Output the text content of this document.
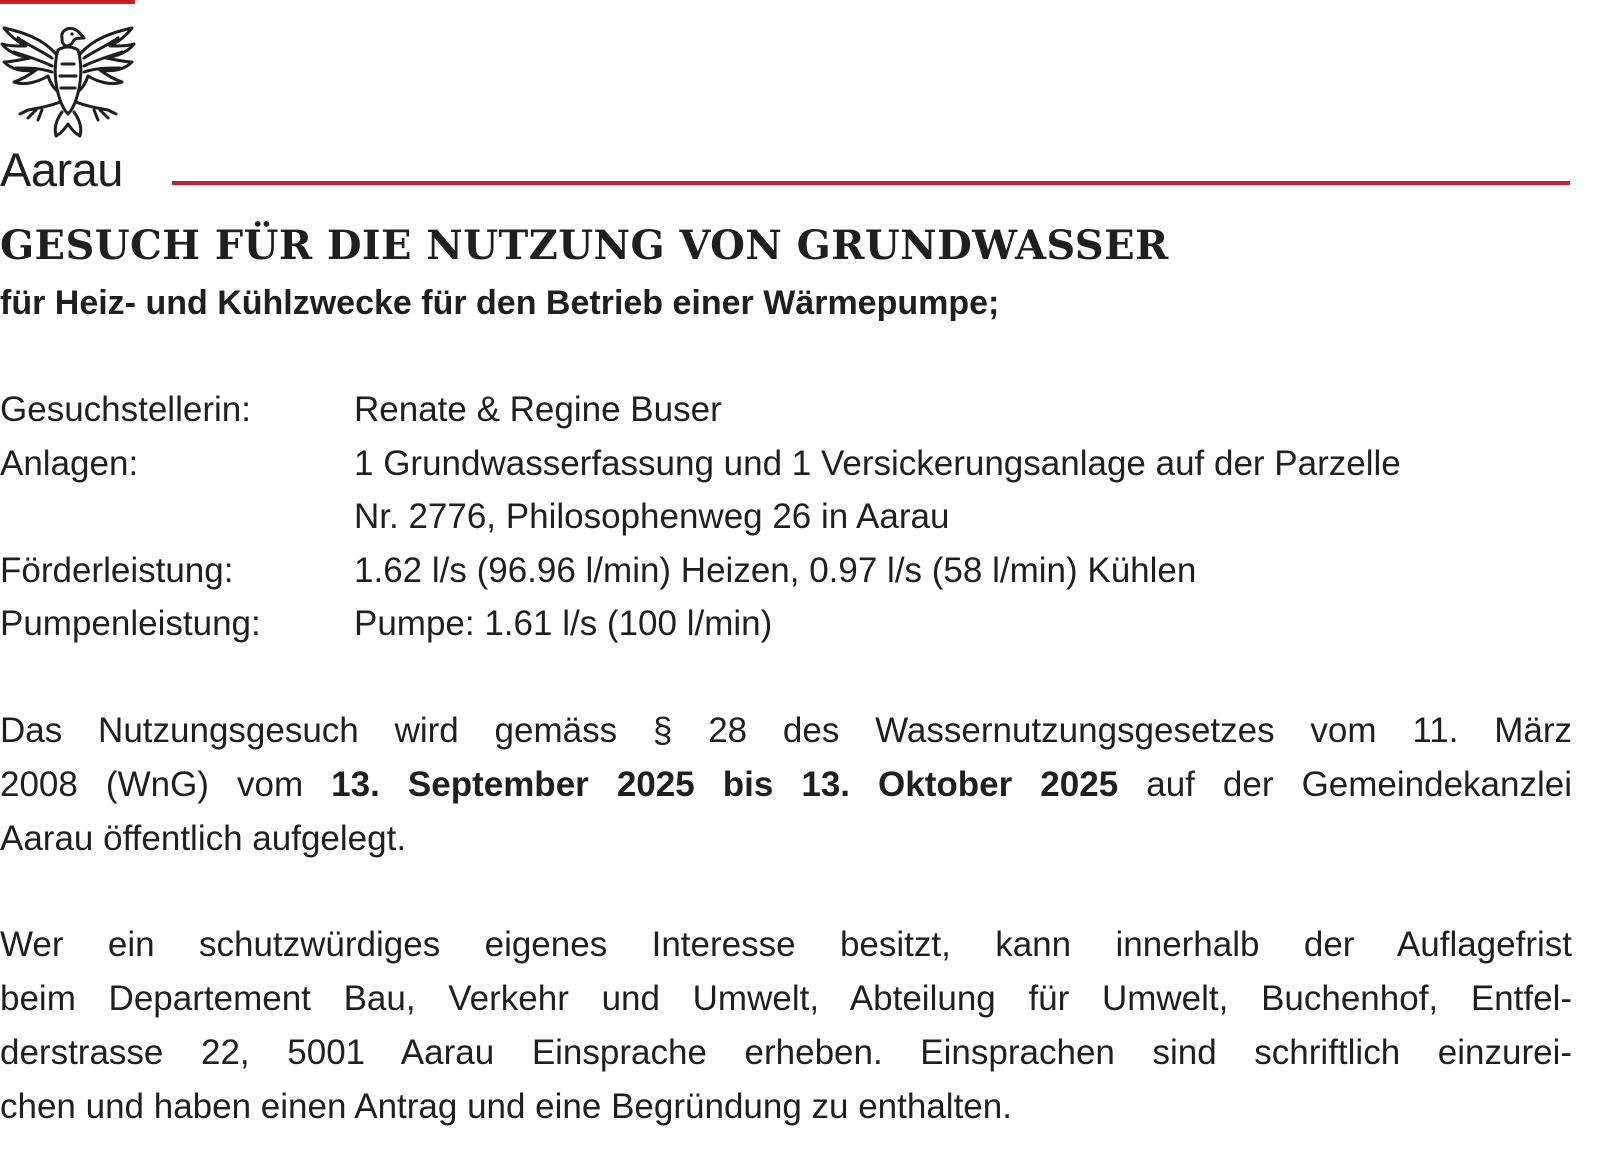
Aarau
GESUCH FÜR DIE NUTZUNG VON GRUNDWASSER
für Heiz- und Kühlzwecke für den Betrieb einer Wärmepumpe;
Gesuchstellerin:	Renate & Regine Buser
Anlagen:	1 Grundwasserfassung und 1 Versickerungsanlage auf der Parzelle
Nr. 2776, Philosophenweg 26 in Aarau
Förderleistung:	1.62 l/s (96.96 l/min) Heizen, 0.97 l/s (58 l/min) Kühlen
Pumpenleistung:	Pumpe: 1.61 l/s (100 l/min)
Das Nutzungsgesuch wird gemäss § 28 des Wassernutzungsgesetzes vom 11. März
2008 (WnG) vom 13. September 2025 bis 13. Oktober 2025 auf der Gemeindekanzlei
Aarau öffentlich aufgelegt.
Wer ein schutzwürdiges eigenes Interesse besitzt, kann innerhalb der Auflagefrist
beim Departement Bau, Verkehr und Umwelt, Abteilung für Umwelt, Buchenhof, Entfel-
derstrasse 22, 5001 Aarau Einsprache erheben. Einsprachen sind schriftlich einzurei-
chen und haben einen Antrag und eine Begründung zu enthalten.
